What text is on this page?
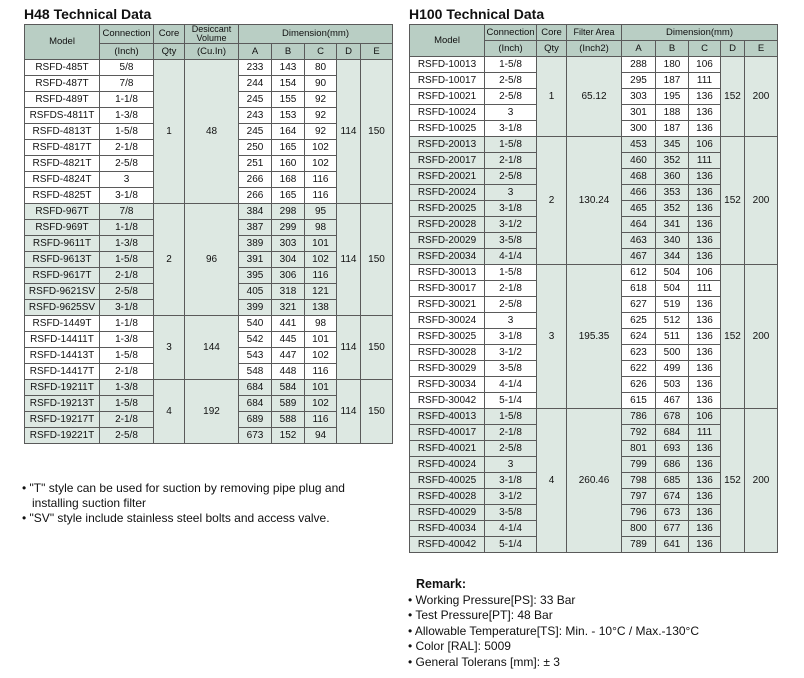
H48 Technical Data
Model	Connection	Core	Desiccant Volume	Dimension(mm)				
	(Inch)	Qty	(Cu.In)	A	B	C	D	E
RSFD-485T	5/8	1	48	233	143	80	114	150
RSFD-487T	7/8			244	154	90		
RSFD-489T	1-1/8			245	155	92		
RSFDS-4811T	1-3/8			243	153	92		
RSFD-4813T	1-5/8			245	164	92		
RSFD-4817T	2-1/8			250	165	102		
RSFD-4821T	2-5/8			251	160	102		
RSFD-4824T	3			266	168	116		
RSFD-4825T	3-1/8			266	165	116		
RSFD-967T	7/8	2	96	384	298	95	114	150
RSFD-969T	1-1/8			387	299	98		
RSFD-9611T	1-3/8			389	303	101		
RSFD-9613T	1-5/8			391	304	102		
RSFD-9617T	2-1/8			395	306	116		
RSFD-9621SV	2-5/8			405	318	121		
RSFD-9625SV	3-1/8			399	321	138		
RSFD-1449T	1-1/8	3	144	540	441	98	114	150
RSFD-14411T	1-3/8			542	445	101		
RSFD-14413T	1-5/8			543	447	102		
RSFD-14417T	2-1/8			548	448	116		
RSFD-19211T	1-3/8	4	192	684	584	101	114	150
RSFD-19213T	1-5/8			684	589	102		
RSFD-19217T	2-1/8			689	588	116		
RSFD-19221T	2-5/8			673	152	94		
H100 Technical Data
Model	Connection	Core	Filter Area	Dimension(mm)				
	(Inch)	Qty	(Inch2)	A	B	C	D	E
RSFD-10013	1-5/8	1	65.12	288	180	106	152	200
RSFD-10017	2-5/8			295	187	111		
RSFD-10021	2-5/8			303	195	136		
RSFD-10024	3			301	188	136		
RSFD-10025	3-1/8			300	187	136		
RSFD-20013	1-5/8	2	130.24	453	345	106	152	200
RSFD-20017	2-1/8			460	352	111		
RSFD-20021	2-5/8			468	360	136		
RSFD-20024	3			466	353	136		
RSFD-20025	3-1/8			465	352	136		
RSFD-20028	3-1/2			464	341	136		
RSFD-20029	3-5/8			463	340	136		
RSFD-20034	4-1/4			467	344	136		
RSFD-30013	1-5/8	3	195.35	612	504	106	152	200
RSFD-30017	2-1/8			618	504	111		
RSFD-30021	2-5/8			627	519	136		
RSFD-30024	3			625	512	136		
RSFD-30025	3-1/8			624	511	136		
RSFD-30028	3-1/2			623	500	136		
RSFD-30029	3-5/8			622	499	136		
RSFD-30034	4-1/4			626	503	136		
RSFD-30042	5-1/4			615	467	136		
RSFD-40013	1-5/8	4	260.46	786	678	106	152	200
RSFD-40017	2-1/8			792	684	111		
RSFD-40021	2-5/8			801	693	136		
RSFD-40024	3			799	686	136		
RSFD-40025	3-1/8			798	685	136		
RSFD-40028	3-1/2			797	674	136		
RSFD-40029	3-5/8			796	673	136		
RSFD-40034	4-1/4			800	677	136		
RSFD-40042	5-1/4			789	641	136		

• "T" style can be used for suction by removing pipe plug and

installing suction filter

• "SV" style include stainless steel bolts and access valve.

Remark:

• Working Pressure[PS]: 33 Bar

• Test Pressure[PT]: 48 Bar

• Allowable Temperature[TS]: Min. - 10°C / Max.-130°C

• Color [RAL]: 5009

• General Tolerans [mm]: ± 3
